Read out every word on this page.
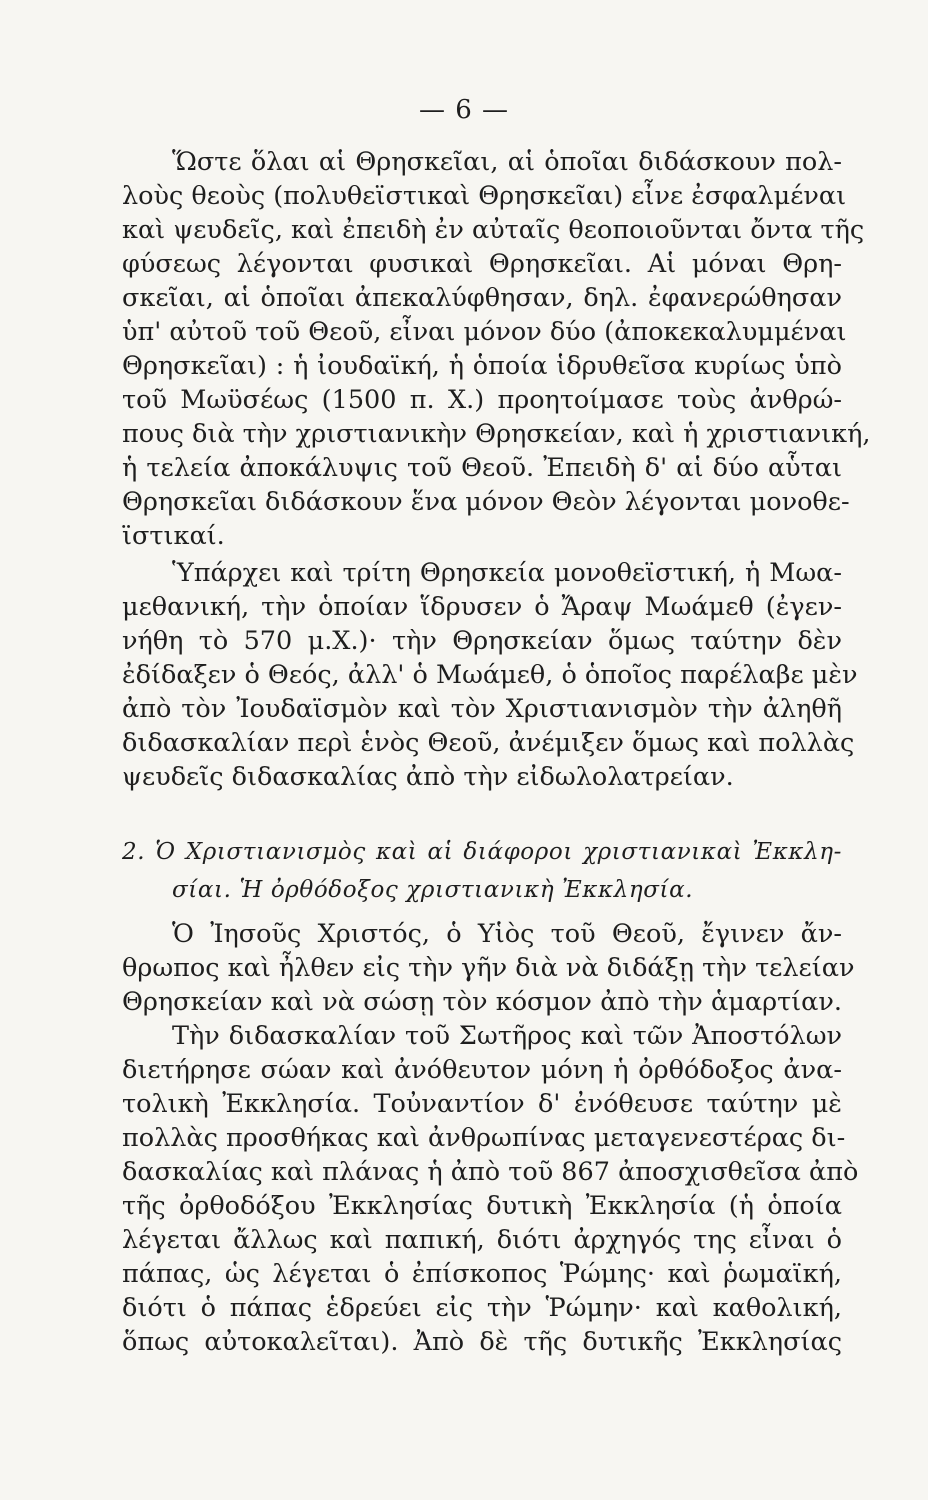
— 6 —
Ὥστε ὅλαι αἱ Θρησκεῖαι, αἱ ὁποῖαι διδάσκουν πολ-
λοὺς θεοὺς (πολυθεϊστικαὶ Θρησκεῖαι) εἶνε ἐσφαλμέναι
καὶ ψευδεῖς, καὶ ἐπειδὴ ἐν αὐταῖς θεοποιοῦνται ὄντα τῆς
φύσεως λέγονται φυσικαὶ Θρησκεῖαι. Αἱ μόναι Θρη-
σκεῖαι, αἱ ὁποῖαι ἀπεκαλύφθησαν, δηλ. ἐφανερώθησαν
ὑπ' αὐτοῦ τοῦ Θεοῦ, εἶναι μόνον δύο (ἀποκεκαλυμμέναι
Θρησκεῖαι) : ἡ ἰουδαϊκή, ἡ ὁποία ἱδρυθεῖσα κυρίως ὑπὸ
τοῦ Μωϋσέως (1500 π. Χ.) προητοίμασε τοὺς ἀνθρώ-
πους διὰ τὴν χριστιανικὴν Θρησκείαν, καὶ ἡ χριστιανική,
ἡ τελεία ἀποκάλυψις τοῦ Θεοῦ. Ἐπειδὴ δ' αἱ δύο αὗται
Θρησκεῖαι διδάσκουν ἕνα μόνον Θεὸν λέγονται μονοθε-
ϊστικαί.
Ὑπάρχει καὶ τρίτη Θρησκεία μονοθεϊστική, ἡ Μωα-
μεθανική, τὴν ὁποίαν ἵδρυσεν ὁ Ἄραψ Μωάμεθ (ἐγεν-
νήθη τὸ 570 μ.Χ.)· τὴν Θρησκείαν ὅμως ταύτην δὲν
ἐδίδαξεν ὁ Θεός, ἀλλ' ὁ Μωάμεθ, ὁ ὁποῖος παρέλαβε μὲν
ἀπὸ τὸν Ἰουδαϊσμὸν καὶ τὸν Χριστιανισμὸν τὴν ἀληθῆ
διδασκαλίαν περὶ ἑνὸς Θεοῦ, ἀνέμιξεν ὅμως καὶ πολλὰς
ψευδεῖς διδασκαλίας ἀπὸ τὴν εἰδωλολατρείαν.
2. Ὁ Χριστιανισμὸς καὶ αἱ διάφοροι χριστιανικαὶ Ἐκκλη-
σίαι. Ἡ ὀρθόδοξος χριστιανικὴ Ἐκκλησία.
Ὁ Ἰησοῦς Χριστός, ὁ Υἱὸς τοῦ Θεοῦ, ἔγινεν ἄν-
θρωπος καὶ ἦλθεν εἰς τὴν γῆν διὰ νὰ διδάξῃ τὴν τελείαν
Θρησκείαν καὶ νὰ σώσῃ τὸν κόσμον ἀπὸ τὴν ἁμαρτίαν.
Τὴν διδασκαλίαν τοῦ Σωτῆρος καὶ τῶν Ἀποστόλων
διετήρησε σώαν καὶ ἀνόθευτον μόνη ἡ ὀρθόδοξος ἀνα-
τολικὴ Ἐκκλησία. Τοὐναντίον δ' ἐνόθευσε ταύτην μὲ
πολλὰς προσθήκας καὶ ἀνθρωπίνας μεταγενεστέρας δι-
δασκαλίας καὶ πλάνας ἡ ἀπὸ τοῦ 867 ἀποσχισθεῖσα ἀπὸ
τῆς ὀρθοδόξου Ἐκκλησίας δυτικὴ Ἐκκλησία (ἡ ὁποία
λέγεται ἄλλως καὶ παπική, διότι ἀρχηγός της εἶναι ὁ
πάπας, ὡς λέγεται ὁ ἐπίσκοπος Ῥώμης· καὶ ῥωμαϊκή,
διότι ὁ πάπας ἑδρεύει εἰς τὴν Ῥώμην· καὶ καθολική,
ὅπως αὐτοκαλεῖται). Ἀπὸ δὲ τῆς δυτικῆς Ἐκκλησίας
